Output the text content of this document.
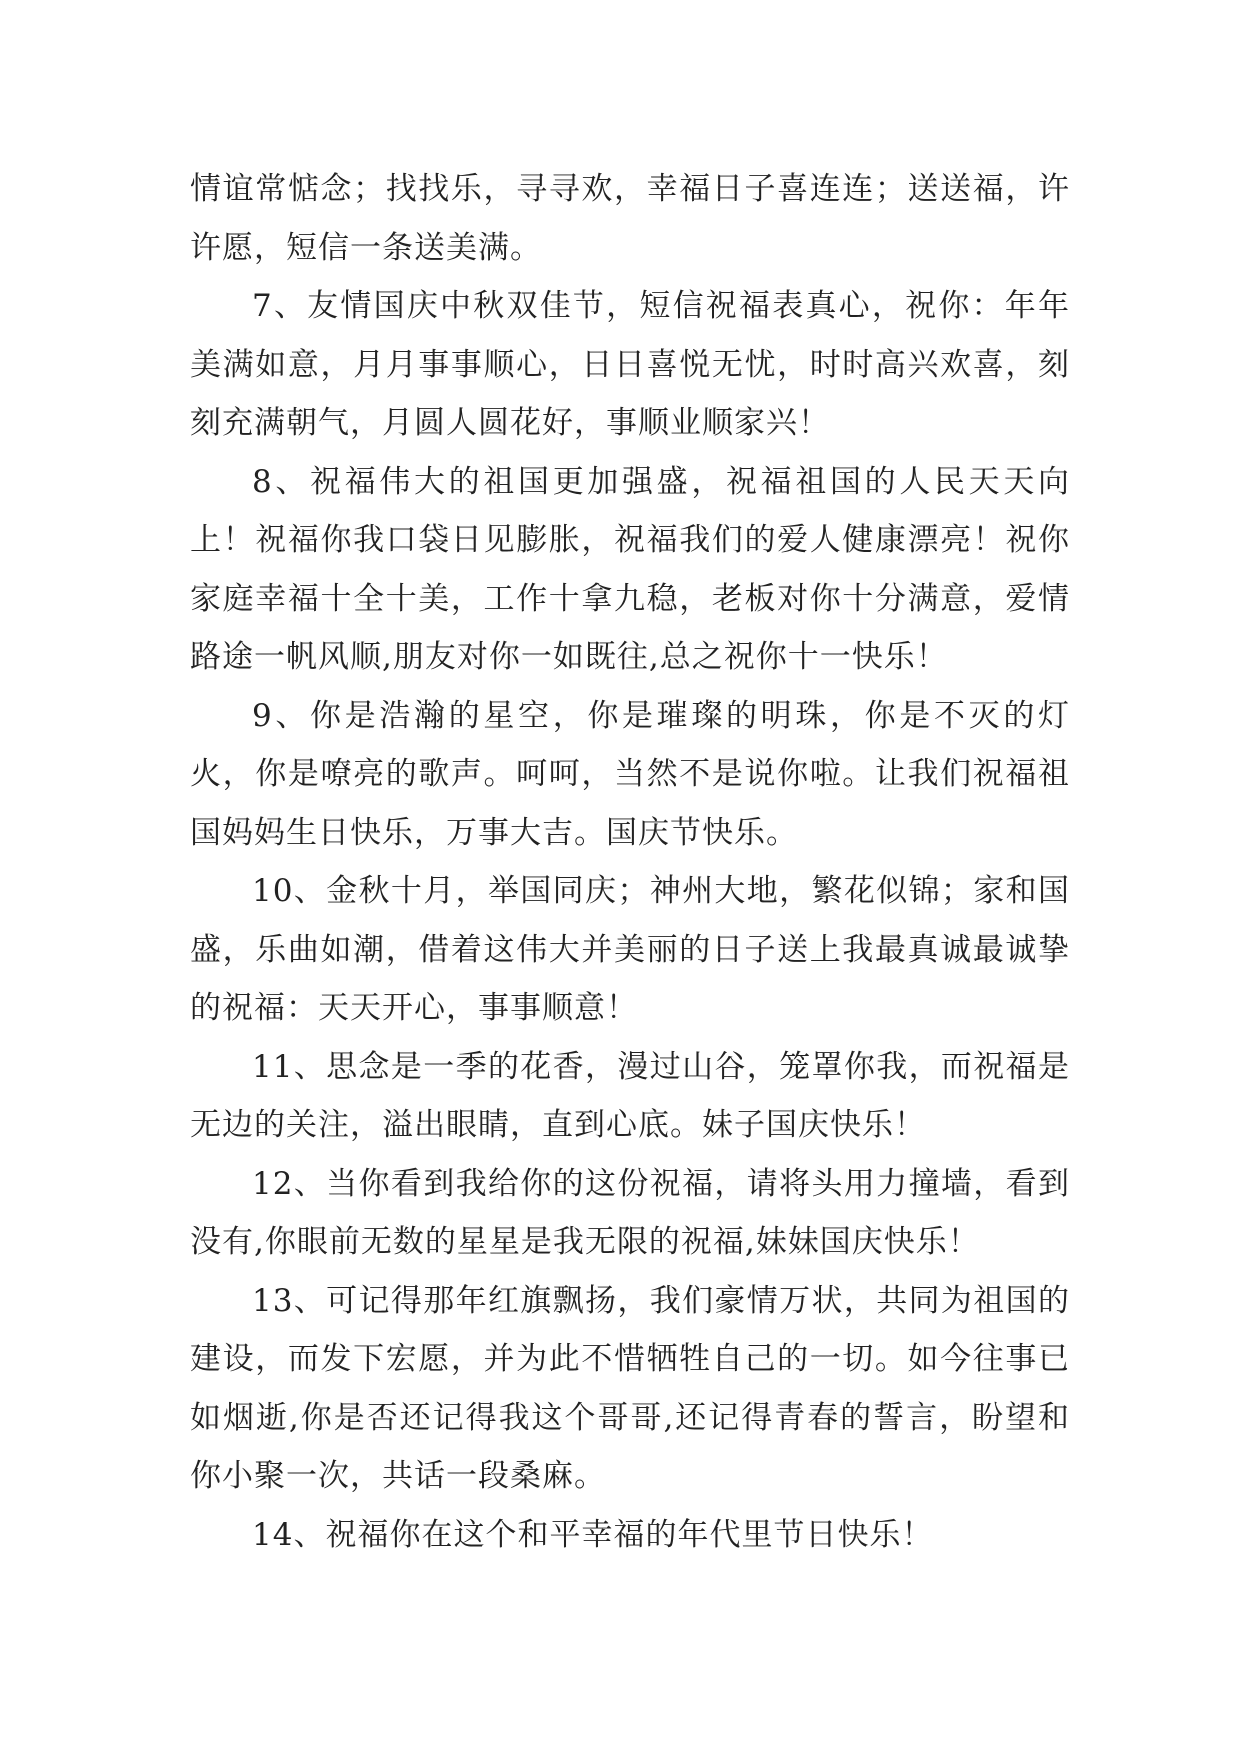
情谊常惦念；找找乐，寻寻欢，幸福日子喜连连；送送福，许许愿，短信一条送美满。

7、友情国庆中秋双佳节，短信祝福表真心，祝你：年年美满如意，月月事事顺心，日日喜悦无忧，时时高兴欢喜，刻刻充满朝气，月圆人圆花好，事顺业顺家兴！

8、祝福伟大的祖国更加强盛，祝福祖国的人民天天向上！祝福你我口袋日见膨胀，祝福我们的爱人健康漂亮！祝你家庭幸福十全十美，工作十拿九稳，老板对你十分满意，爱情路途一帆风顺,朋友对你一如既往,总之祝你十一快乐！

9、你是浩瀚的星空，你是璀璨的明珠，你是不灭的灯火，你是嘹亮的歌声。呵呵，当然不是说你啦。让我们祝福祖国妈妈生日快乐，万事大吉。国庆节快乐。

10、金秋十月，举国同庆；神州大地，繁花似锦；家和国盛，乐曲如潮，借着这伟大并美丽的日子送上我最真诚最诚挚的祝福：天天开心，事事顺意！

11、思念是一季的花香，漫过山谷，笼罩你我，而祝福是无边的关注，溢出眼睛，直到心底。妹子国庆快乐！

12、当你看到我给你的这份祝福，请将头用力撞墙，看到没有,你眼前无数的星星是我无限的祝福,妹妹国庆快乐！

13、可记得那年红旗飘扬，我们豪情万状，共同为祖国的建设，而发下宏愿，并为此不惜牺牲自己的一切。如今往事已如烟逝,你是否还记得我这个哥哥,还记得青春的誓言，盼望和你小聚一次，共话一段桑麻。

14、祝福你在这个和平幸福的年代里节日快乐！
